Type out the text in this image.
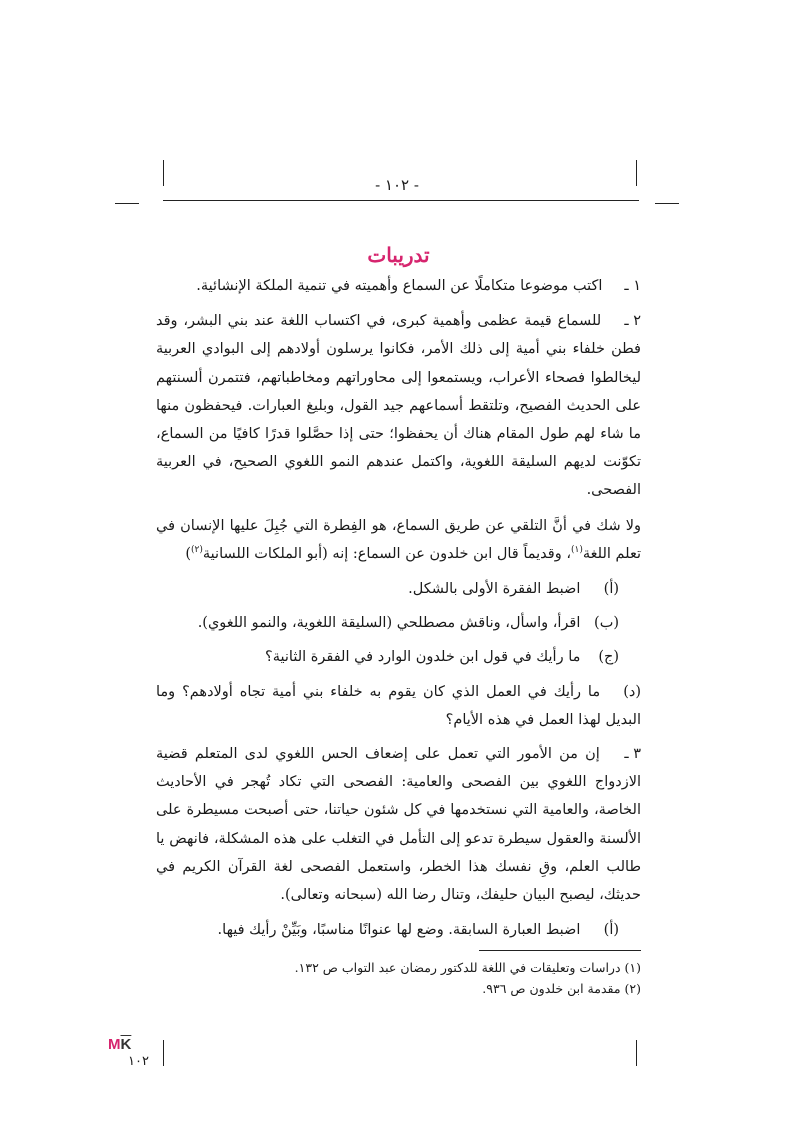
- ١٠٢ -
تدريبات

١ ـ اكتب موضوعا متكاملًا عن السماع وأهميته في تنمية الملكة الإنشائية.

٢ ـ للسماع قيمة عظمى وأهمية كبرى، في اكتساب اللغة عند بني البشر، وقد فطن خلفاء بني أمية إلى ذلك الأمر، فكانوا يرسلون أولادهم إلى البوادي العربية ليخالطوا فصحاء الأعراب، ويستمعوا إلى محاوراتهم ومخاطباتهم، فتتمرن ألسنتهم على الحديث الفصيح، وتلتقط أسماعهم جيد القول، وبليغ العبارات. فيحفظون منها ما شاء لهم طول المقام هناك أن يحفظوا؛ حتى إذا حصَّلوا قدرًا كافيًا من السماع، تكوّنت لديهم السليقة اللغوية، واكتمل عندهم النمو اللغوي الصحيح، في العربية الفصحى.

ولا شك في أنَّ التلقي عن طريق السماع، هو الفِطرة التي جُبِلَ عليها الإنسان في تعلم اللغة$^{(١)}$، وقديماً قال ابن خلدون عن السماع: إنه (أبو الملكات اللسانية$^{(٢)}$)

(أ) اضبط الفقرة الأولى بالشكل.

(ب) اقرأ، واسأل، وناقش مصطلحي (السليقة اللغوية، والنمو اللغوي).

(ج) ما رأيك في قول ابن خلدون الوارد في الفقرة الثانية؟

(د) ما رأيك في العمل الذي كان يقوم به خلفاء بني أمية تجاه أولادهم؟ وما البديل لهذا العمل في هذه الأيام؟

٣ ـ إن من الأمور التي تعمل على إضعاف الحس اللغوي لدى المتعلم قضية الازدواج اللغوي بين الفصحى والعامية: الفصحى التي تكاد تُهجر في الأحاديث الخاصة، والعامية التي نستخدمها في كل شئون حياتنا، حتى أصبحت مسيطرة على الألسنة والعقول سيطرة تدعو إلى التأمل في التغلب على هذه المشكلة، فانهض يا طالب العلم، وقِ نفسك هذا الخطر، واستعمل الفصحى لغة القرآن الكريم في حديثك، ليصبح البيان حليفك، وتنال رضا الله (سبحانه وتعالى).

(أ) اضبط العبارة السابقة. وضع لها عنوانًا مناسبًا، وبَيِّنْ رأيك فيها.

(١) دراسات وتعليقات في اللغة للدكتور رمضان عبد التواب ص ١٣٢.

(٢) مقدمة ابن خلدون ص ٩٣٦.

$M\overline{K}$
١٠٢
